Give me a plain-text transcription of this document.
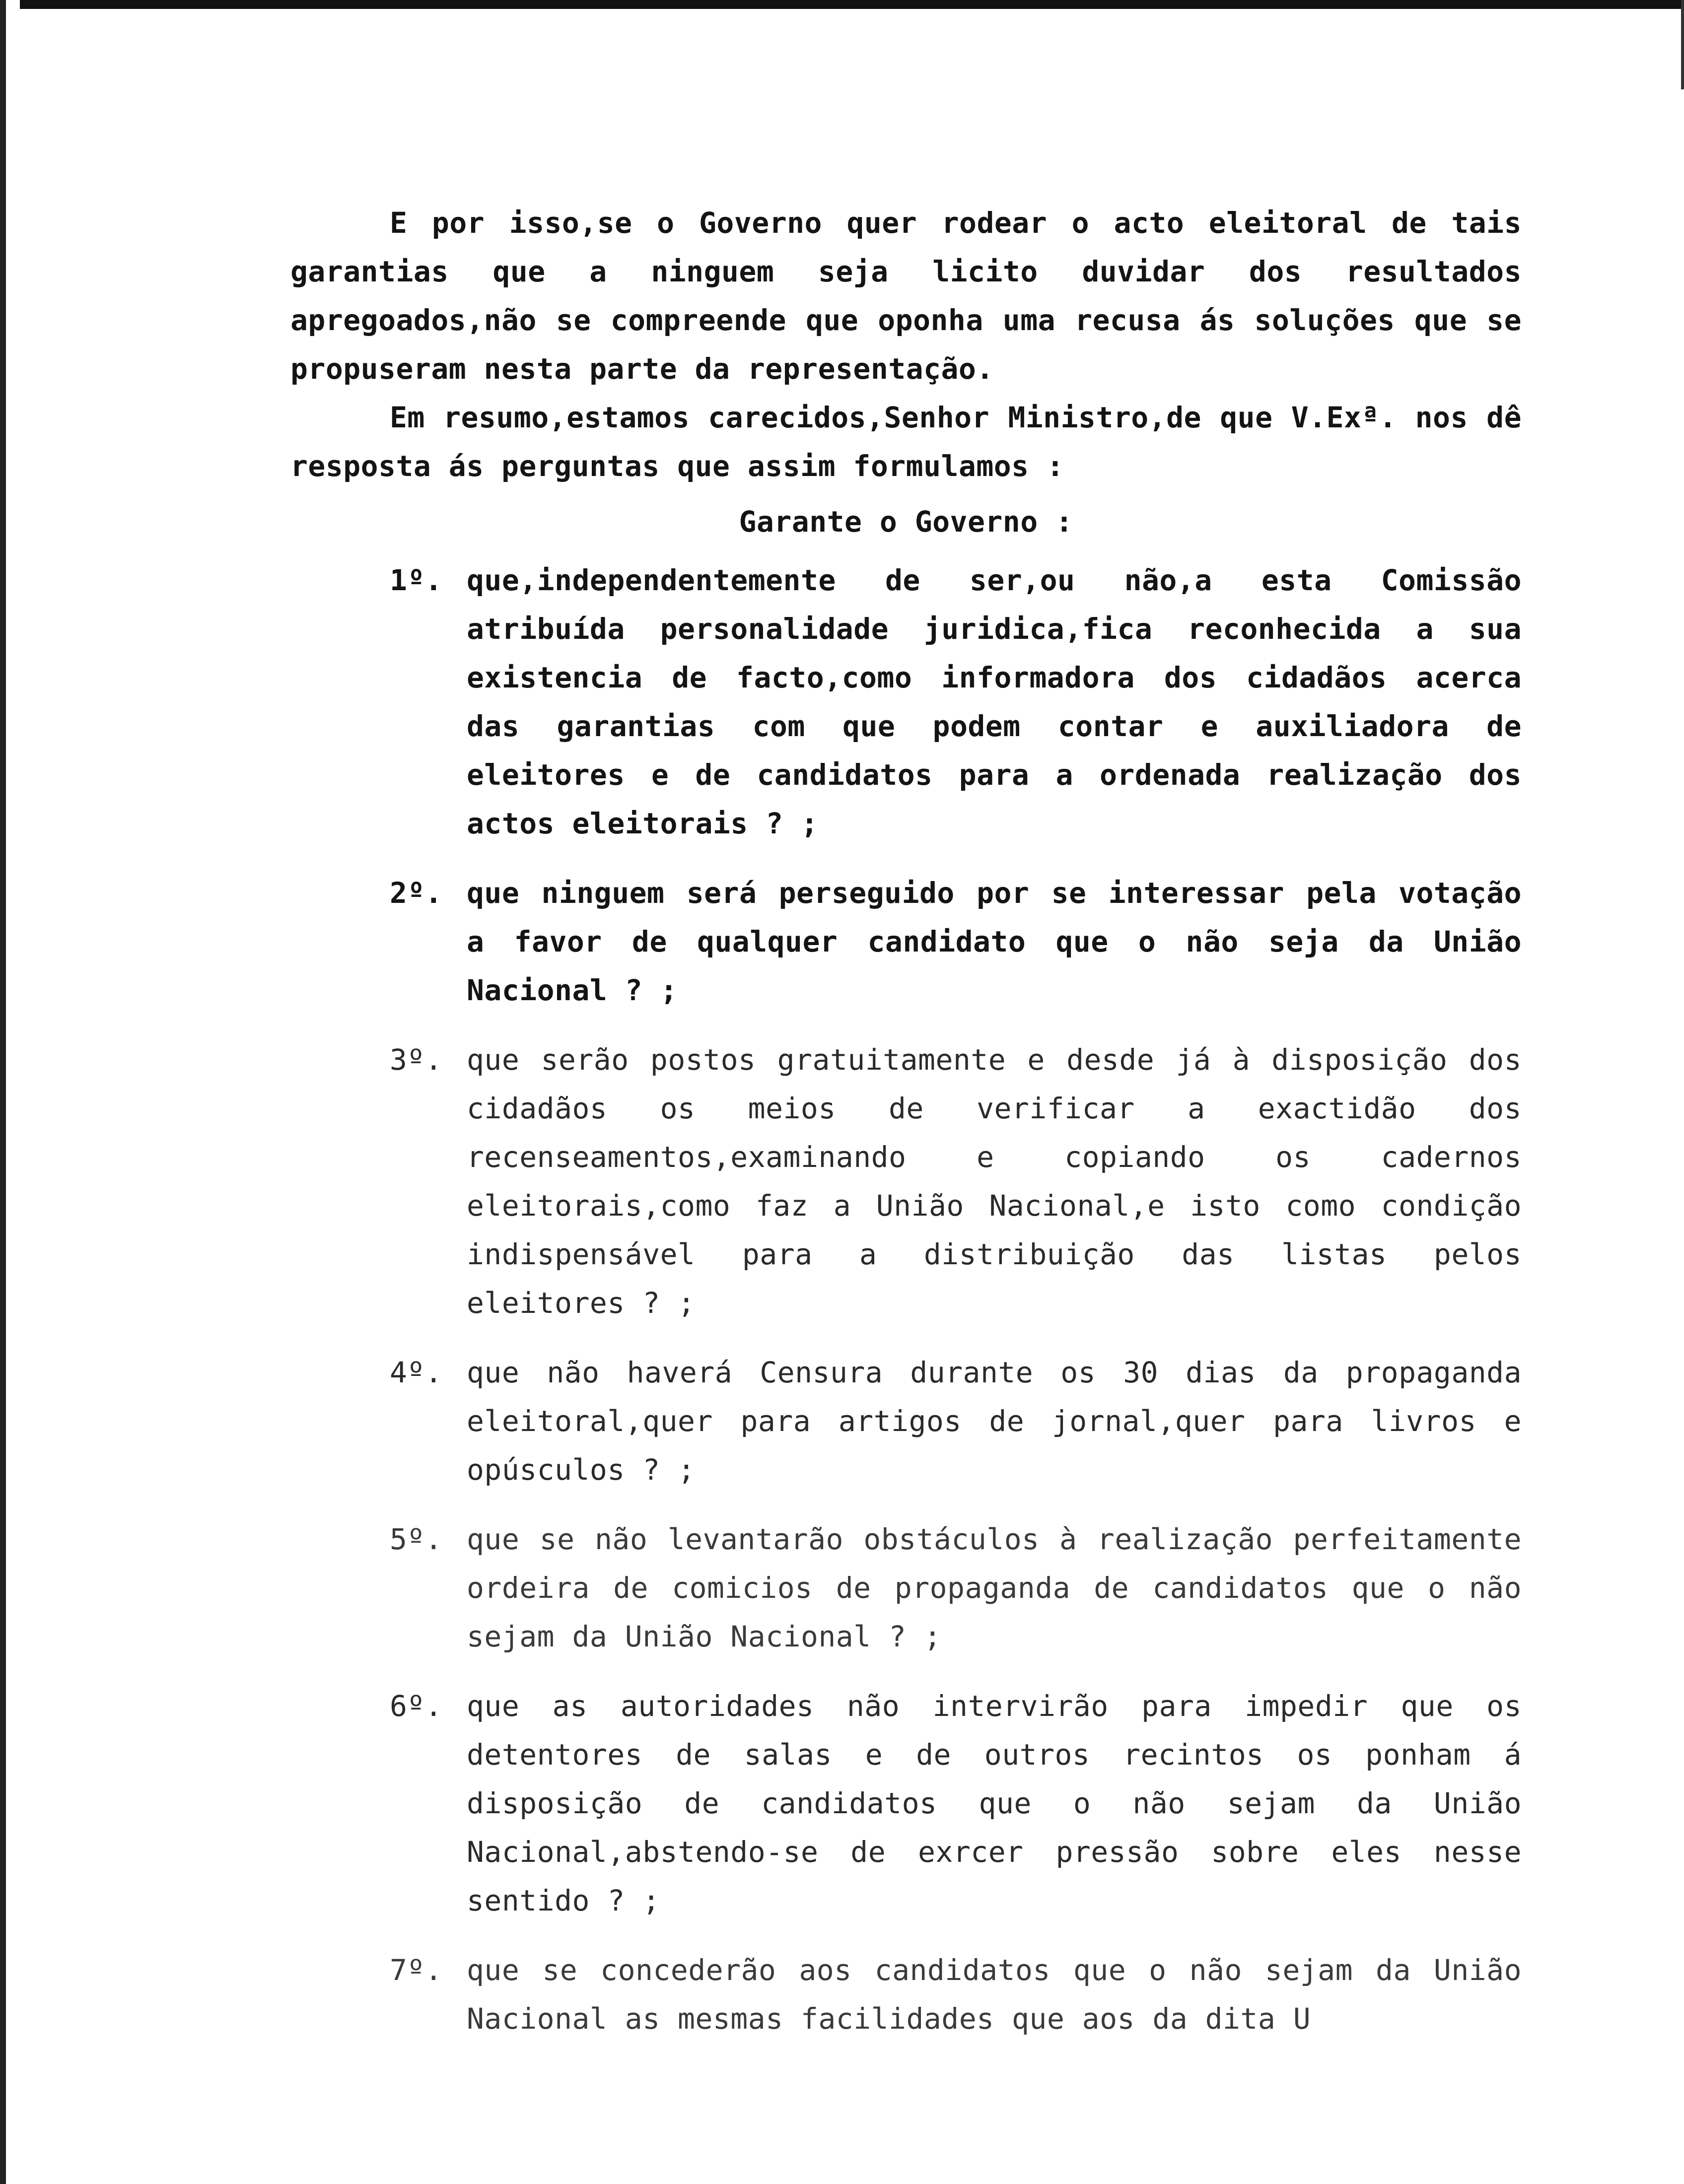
E por isso,se o Governo quer rodear o acto eleitoral de tais garantias que a ninguem seja licito duvidar dos resultados apregoados,não se compreende que oponha uma recusa ás soluções que se propuseram nesta parte da representação.

Em resumo,estamos carecidos,Senhor Ministro,de que V.Exª. nos dê resposta ás perguntas que assim formulamos :

Garante o Governo :
1º. que,independentemente de ser,ou não,a esta Comissão atribuída personalidade juridica,fica reconhecida a sua existencia de facto,como informadora dos cidadãos acerca das garantias com que podem contar e auxiliadora de eleitores e de candidatos para a ordenada realização dos actos eleitorais ? ;
2º. que ninguem será perseguido por se interessar pela votação a favor de qualquer candidato que o não seja da União Nacional ? ;
3º. que serão postos gratuitamente e desde já à disposição dos cidadãos os meios de verificar a exactidão dos recenseamentos,examinando e copiando os cadernos eleitorais,como faz a União Nacional,e isto como condição indispensável para a distribuição das listas pelos eleitores ? ;
4º. que não haverá Censura durante os 30 dias da propaganda eleitoral,quer para artigos de jornal,quer para livros e opúsculos ? ;
5º. que se não levantarão obstáculos à realização perfeitamente ordeira de comicios de propaganda de candidatos que o não sejam da União Nacional ? ;
6º. que as autoridades não intervirão para impedir que os detentores de salas e de outros recintos os ponham á disposição de candidatos que o não sejam da União Nacional,abstendo-se de exrcer pressão sobre eles nesse sentido ? ;
7º. que se concederão aos candidatos que o não sejam da União Nacional as mesmas facilidades que aos da dita U
